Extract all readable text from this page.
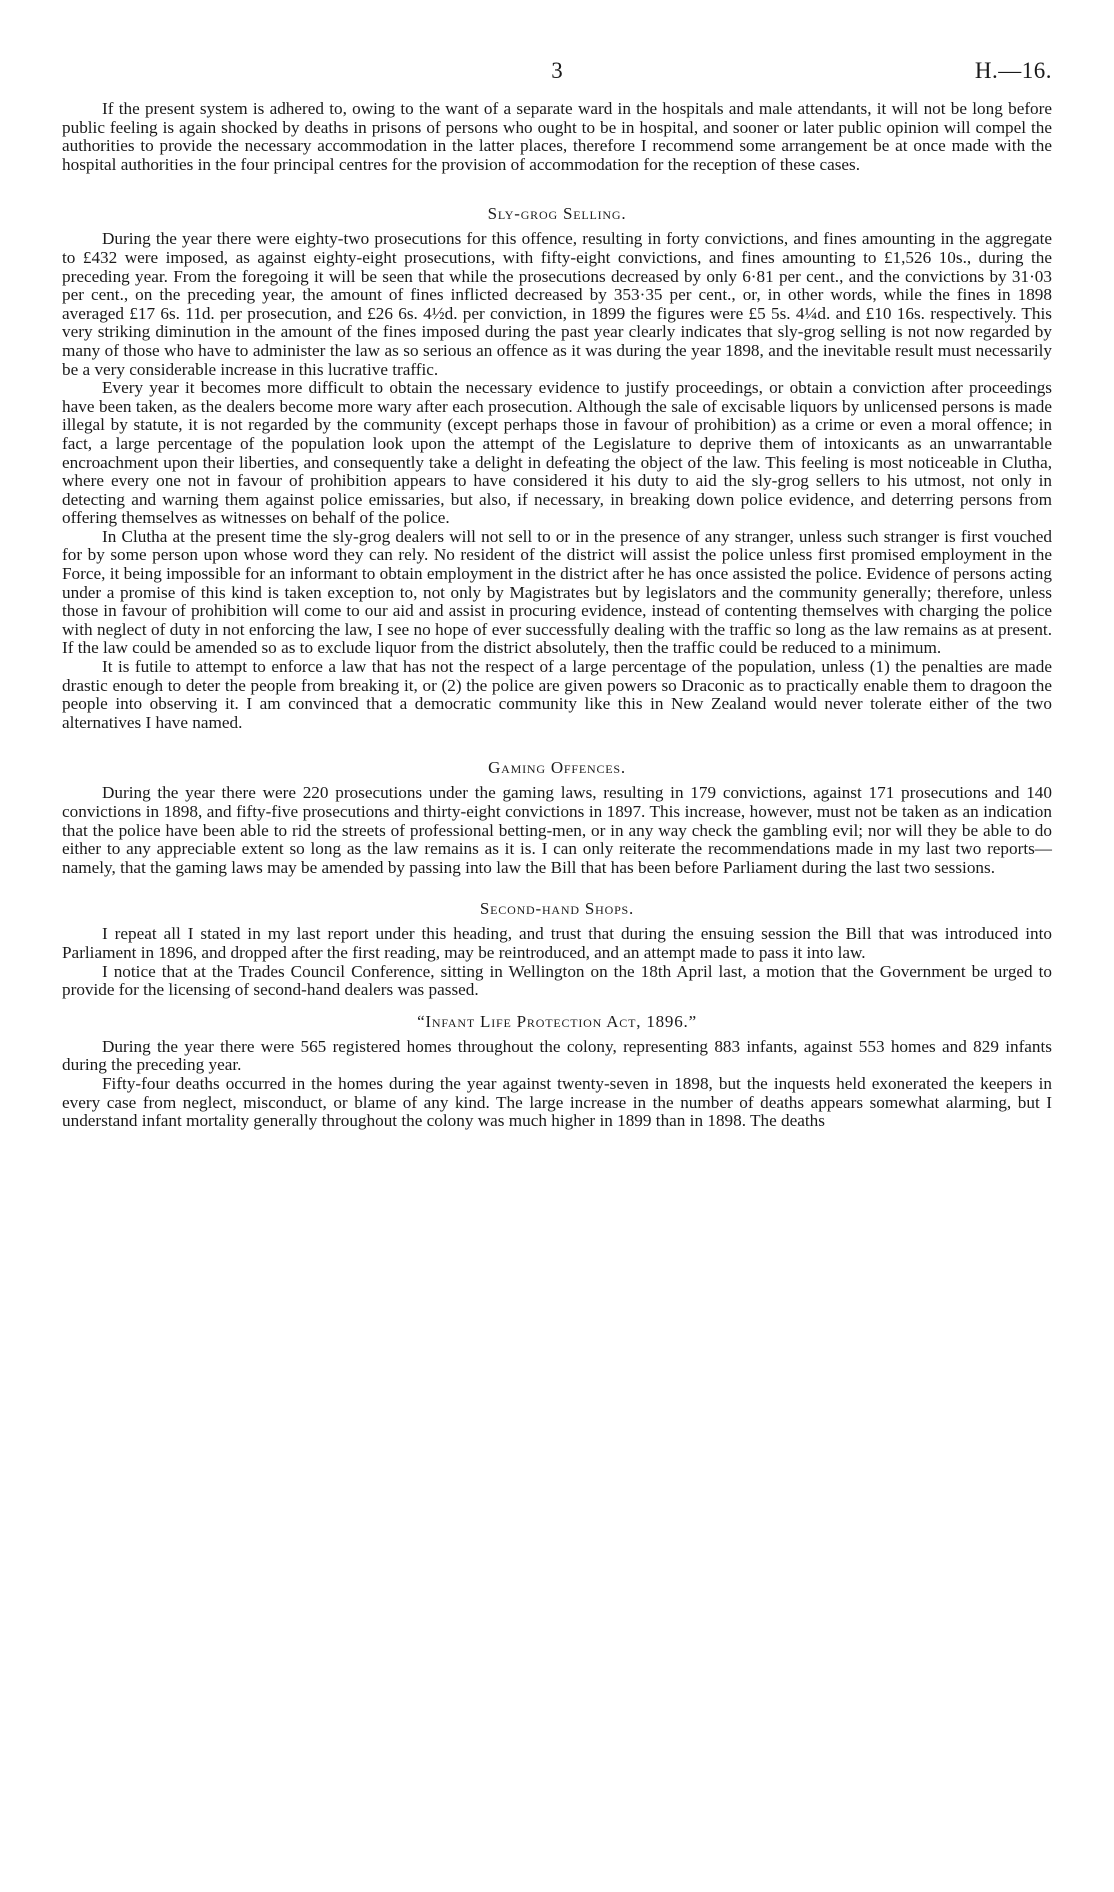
3	H.—16.

If the present system is adhered to, owing to the want of a separate ward in the hospitals and male attendants, it will not be long before public feeling is again shocked by deaths in prisons of persons who ought to be in hospital, and sooner or later public opinion will compel the authorities to provide the necessary accommodation in the latter places, therefore I recommend some arrangement be at once made with the hospital authorities in the four principal centres for the provision of accommodation for the reception of these cases.

Sly-grog Selling.

During the year there were eighty-two prosecutions for this offence, resulting in forty convictions, and fines amounting in the aggregate to £432 were imposed, as against eighty-eight prosecutions, with fifty-eight convictions, and fines amounting to £1,526 10s., during the preceding year. From the foregoing it will be seen that while the prosecutions decreased by only 6·81 per cent., and the convictions by 31·03 per cent., on the preceding year, the amount of fines inflicted decreased by 353·35 per cent., or, in other words, while the fines in 1898 averaged £17 6s. 11d. per prosecution, and £26 6s. 4½d. per conviction, in 1899 the figures were £5 5s. 4¼d. and £10 16s. respectively. This very striking diminution in the amount of the fines imposed during the past year clearly indicates that sly-grog selling is not now regarded by many of those who have to administer the law as so serious an offence as it was during the year 1898, and the inevitable result must necessarily be a very considerable increase in this lucrative traffic.

Every year it becomes more difficult to obtain the necessary evidence to justify proceedings, or obtain a conviction after proceedings have been taken, as the dealers become more wary after each prosecution. Although the sale of excisable liquors by unlicensed persons is made illegal by statute, it is not regarded by the community (except perhaps those in favour of prohibition) as a crime or even a moral offence; in fact, a large percentage of the population look upon the attempt of the Legislature to deprive them of intoxicants as an unwarrantable encroachment upon their liberties, and consequently take a delight in defeating the object of the law. This feeling is most noticeable in Clutha, where every one not in favour of prohibition appears to have considered it his duty to aid the sly-grog sellers to his utmost, not only in detecting and warning them against police emissaries, but also, if necessary, in breaking down police evidence, and deterring persons from offering themselves as witnesses on behalf of the police.

In Clutha at the present time the sly-grog dealers will not sell to or in the presence of any stranger, unless such stranger is first vouched for by some person upon whose word they can rely. No resident of the district will assist the police unless first promised employment in the Force, it being impossible for an informant to obtain employment in the district after he has once assisted the police. Evidence of persons acting under a promise of this kind is taken exception to, not only by Magistrates but by legislators and the community generally; therefore, unless those in favour of prohibition will come to our aid and assist in procuring evidence, instead of contenting themselves with charging the police with neglect of duty in not enforcing the law, I see no hope of ever successfully dealing with the traffic so long as the law remains as at present. If the law could be amended so as to exclude liquor from the district absolutely, then the traffic could be reduced to a minimum.

It is futile to attempt to enforce a law that has not the respect of a large percentage of the population, unless (1) the penalties are made drastic enough to deter the people from breaking it, or (2) the police are given powers so Draconic as to practically enable them to dragoon the people into observing it. I am convinced that a democratic community like this in New Zealand would never tolerate either of the two alternatives I have named.

Gaming Offences.

During the year there were 220 prosecutions under the gaming laws, resulting in 179 convictions, against 171 prosecutions and 140 convictions in 1898, and fifty-five prosecutions and thirty-eight convictions in 1897. This increase, however, must not be taken as an indication that the police have been able to rid the streets of professional betting-men, or in any way check the gambling evil; nor will they be able to do either to any appreciable extent so long as the law remains as it is. I can only reiterate the recommendations made in my last two reports—namely, that the gaming laws may be amended by passing into law the Bill that has been before Parliament during the last two sessions.

Second-hand Shops.

I repeat all I stated in my last report under this heading, and trust that during the ensuing session the Bill that was introduced into Parliament in 1896, and dropped after the first reading, may be reintroduced, and an attempt made to pass it into law.

I notice that at the Trades Council Conference, sitting in Wellington on the 18th April last, a motion that the Government be urged to provide for the licensing of second-hand dealers was passed.

“Infant Life Protection Act, 1896.”

During the year there were 565 registered homes throughout the colony, representing 883 infants, against 553 homes and 829 infants during the preceding year.

Fifty-four deaths occurred in the homes during the year against twenty-seven in 1898, but the inquests held exonerated the keepers in every case from neglect, misconduct, or blame of any kind. The large increase in the number of deaths appears somewhat alarming, but I understand infant mortality generally throughout the colony was much higher in 1899 than in 1898. The deaths
